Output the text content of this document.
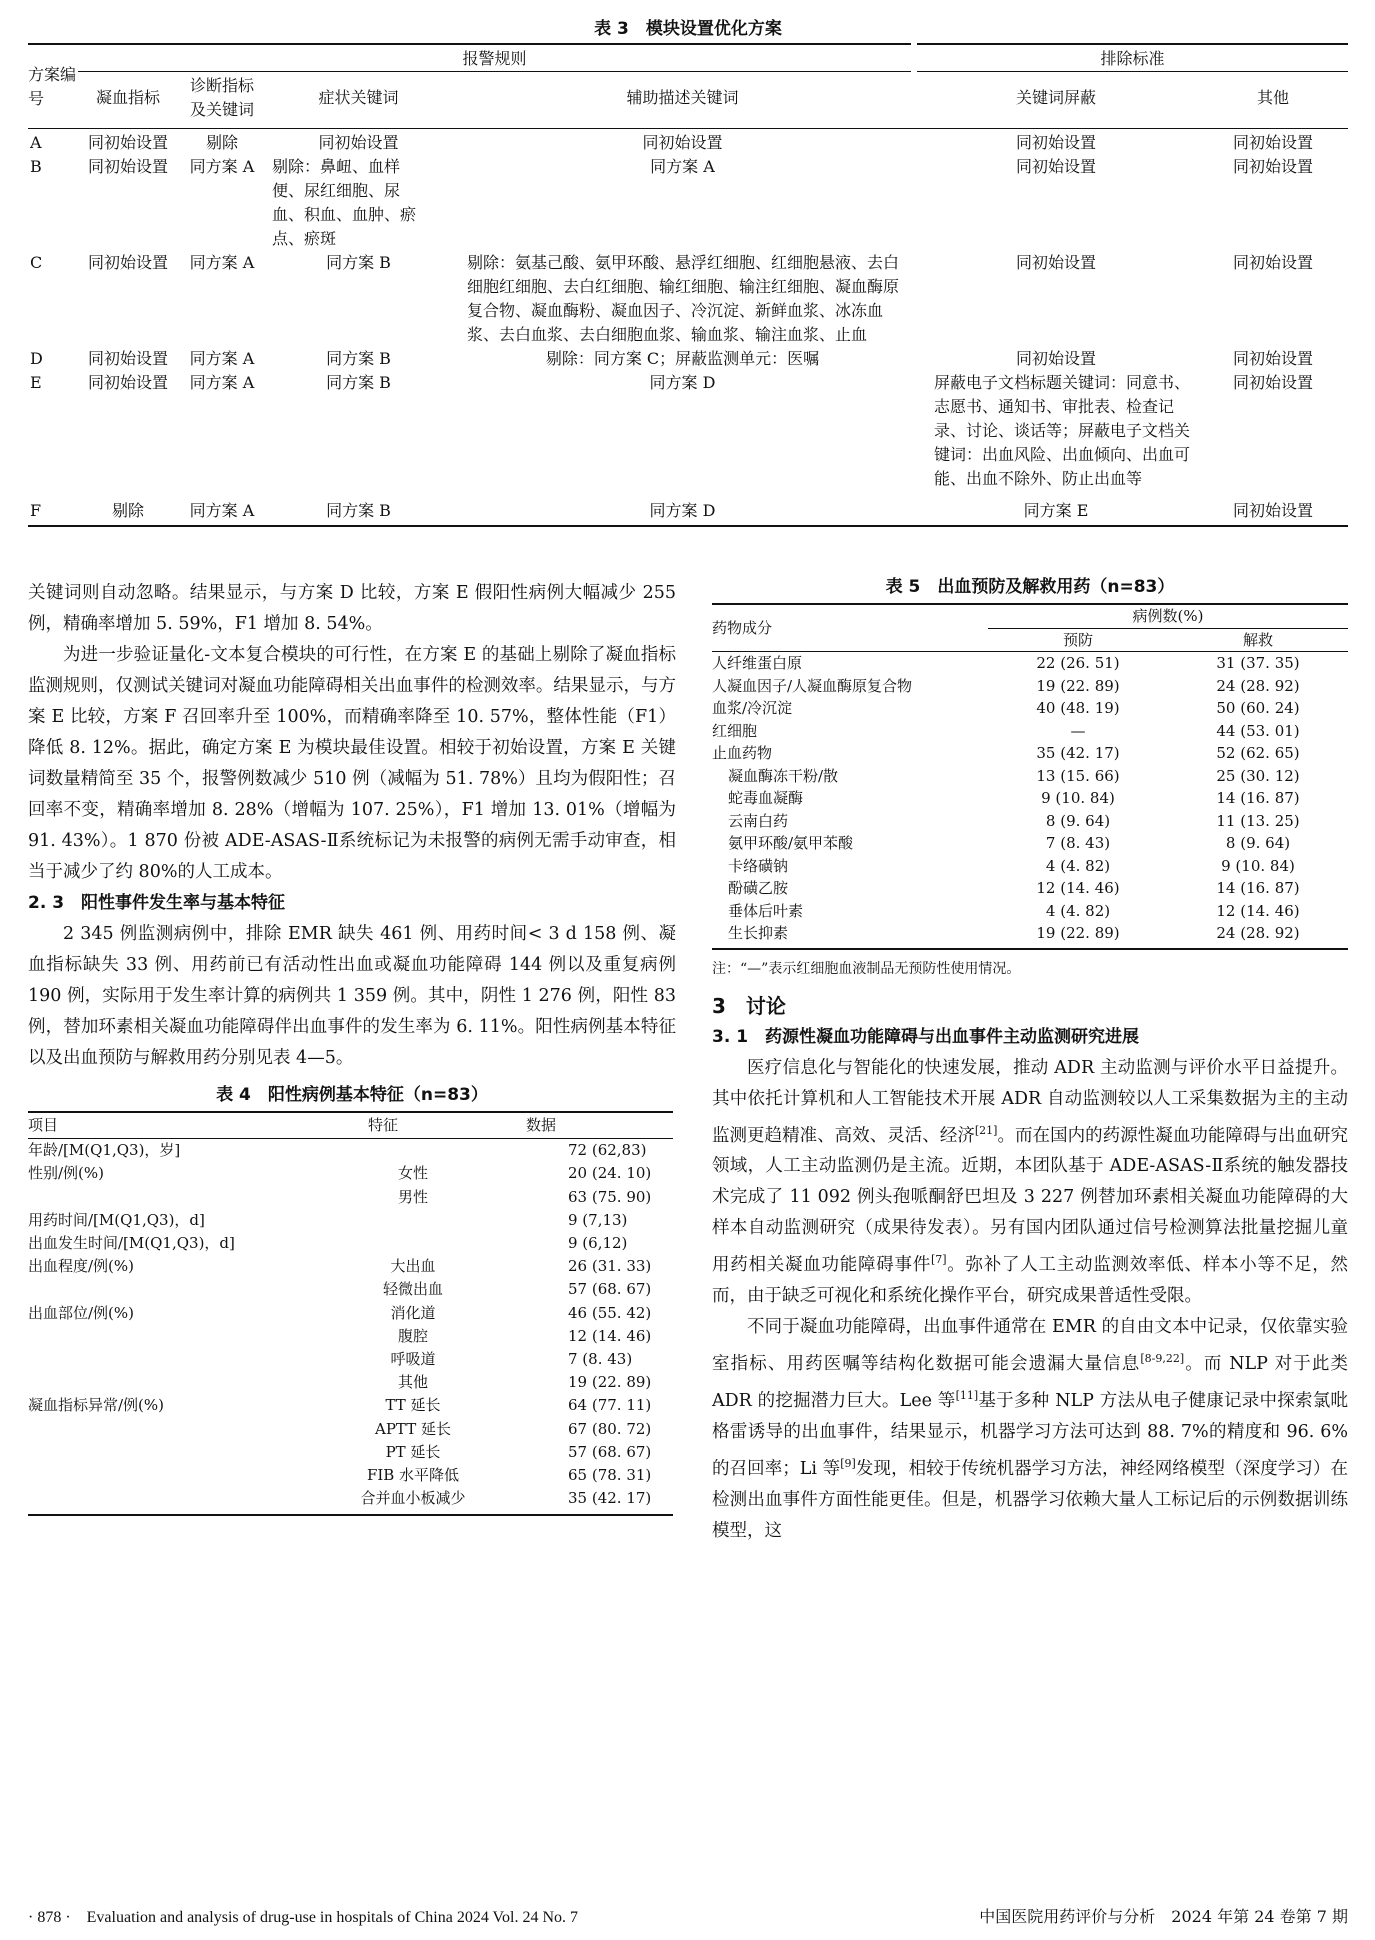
表 3　模块设置优化方案
方案编号	报警规则				排除标准	
	凝血指标	诊断指标及关键词	症状关键词	辅助描述关键词	关键词屏蔽	其他
A	同初始设置	剔除	同初始设置	同初始设置	同初始设置	同初始设置
B	同初始设置	同方案 A	剔除：鼻衄、血样便、尿红细胞、尿血、积血、血肿、瘀点、瘀斑	同方案 A	同初始设置	同初始设置
C	同初始设置	同方案 A	同方案 B	剔除：氨基己酸、氨甲环酸、悬浮红细胞、红细胞悬液、去白细胞红细胞、去白红细胞、输红细胞、输注红细胞、凝血酶原复合物、凝血酶粉、凝血因子、冷沉淀、新鲜血浆、冰冻血浆、去白血浆、去白细胞血浆、输血浆、输注血浆、止血	同初始设置	同初始设置
D	同初始设置	同方案 A	同方案 B	剔除：同方案 C；屏蔽监测单元：医嘱	同初始设置	同初始设置
E	同初始设置	同方案 A	同方案 B	同方案 D	屏蔽电子文档标题关键词：同意书、志愿书、通知书、审批表、检查记录、讨论、谈话等；屏蔽电子文档关键词：出血风险、出血倾向、出血可能、出血不除外、防止出血等	同初始设置
F	剔除	同方案 A	同方案 B	同方案 D	同方案 E	同初始设置

关键词则自动忽略。结果显示，与方案 D 比较，方案 E 假阳性病例大幅减少 255 例，精确率增加 5. 59%，F1 增加 8. 54%。

为进一步验证量化-文本复合模块的可行性，在方案 E 的基础上剔除了凝血指标监测规则，仅测试关键词对凝血功能障碍相关出血事件的检测效率。结果显示，与方案 E 比较，方案 F 召回率升至 100%，而精确率降至 10. 57%，整体性能（F1）降低 8. 12%。据此，确定方案 E 为模块最佳设置。相较于初始设置，方案 E 关键词数量精简至 35 个，报警例数减少 510 例（减幅为 51. 78%）且均为假阳性；召回率不变，精确率增加 8. 28%（增幅为 107. 25%），F1 增加 13. 01%（增幅为 91. 43%）。1 870 份被 ADE-ASAS-Ⅱ系统标记为未报警的病例无需手动审查，相当于减少了约 80%的人工成本。

2. 3　阳性事件发生率与基本特征

2 345 例监测病例中，排除 EMR 缺失 461 例、用药时间< 3 d 158 例、凝血指标缺失 33 例、用药前已有活动性出血或凝血功能障碍 144 例以及重复病例 190 例，实际用于发生率计算的病例共 1 359 例。其中，阴性 1 276 例，阳性 83 例，替加环素相关凝血功能障碍伴出血事件的发生率为 6. 11%。阳性病例基本特征以及出血预防与解救用药分别见表 4—5。

表 4　阳性病例基本特征（n=83）
项目	特征	数据
年龄/[M(Q1,Q3)，岁]		72 (62,83)
性别/例(%)	女性	20 (24. 10)
	男性	63 (75. 90)
用药时间/[M(Q1,Q3)，d]		9 (7,13)
出血发生时间/[M(Q1,Q3)，d]		9 (6,12)
出血程度/例(%)	大出血	26 (31. 33)
	轻微出血	57 (68. 67)
出血部位/例(%)	消化道	46 (55. 42)
	腹腔	12 (14. 46)
	呼吸道	7 (8. 43)
	其他	19 (22. 89)
凝血指标异常/例(%)	TT 延长	64 (77. 11)
	APTT 延长	67 (80. 72)
	PT 延长	57 (68. 67)
	FIB 水平降低	65 (78. 31)
	合并血小板减少	35 (42. 17)
表 5　出血预防及解救用药（n=83）
药物成分	病例数(%)	
	预防	解救
人纤维蛋白原	22 (26. 51)	31 (37. 35)
人凝血因子/人凝血酶原复合物	19 (22. 89)	24 (28. 92)
血浆/冷沉淀	40 (48. 19)	50 (60. 24)
红细胞	—	44 (53. 01)
止血药物	35 (42. 17)	52 (62. 65)
凝血酶冻干粉/散	13 (15. 66)	25 (30. 12)
蛇毒血凝酶	9 (10. 84)	14 (16. 87)
云南白药	8 (9. 64)	11 (13. 25)
氨甲环酸/氨甲苯酸	7 (8. 43)	8 (9. 64)
卡络磺钠	4 (4. 82)	9 (10. 84)
酚磺乙胺	12 (14. 46)	14 (16. 87)
垂体后叶素	4 (4. 82)	12 (14. 46)
生长抑素	19 (22. 89)	24 (28. 92)
注：“—”表示红细胞血液制品无预防性使用情况。

3　讨论

3. 1　药源性凝血功能障碍与出血事件主动监测研究进展

医疗信息化与智能化的快速发展，推动 ADR 主动监测与评价水平日益提升。其中依托计算机和人工智能技术开展 ADR 自动监测较以人工采集数据为主的主动监测更趋精准、高效、灵活、经济[21]。而在国内的药源性凝血功能障碍与出血研究领域，人工主动监测仍是主流。近期，本团队基于 ADE-ASAS-Ⅱ系统的触发器技术完成了 11 092 例头孢哌酮舒巴坦及 3 227 例替加环素相关凝血功能障碍的大样本自动监测研究（成果待发表）。另有国内团队通过信号检测算法批量挖掘儿童用药相关凝血功能障碍事件[7]。弥补了人工主动监测效率低、样本小等不足，然而，由于缺乏可视化和系统化操作平台，研究成果普适性受限。

不同于凝血功能障碍，出血事件通常在 EMR 的自由文本中记录，仅依靠实验室指标、用药医嘱等结构化数据可能会遗漏大量信息[8-9,22]。而 NLP 对于此类 ADR 的挖掘潜力巨大。Lee 等[11]基于多种 NLP 方法从电子健康记录中探索氯吡格雷诱导的出血事件，结果显示，机器学习方法可达到 88. 7%的精度和 96. 6%的召回率；Li 等[9]发现，相较于传统机器学习方法，神经网络模型（深度学习）在检测出血事件方面性能更佳。但是，机器学习依赖大量人工标记后的示例数据训练模型，这

· 878 ·　Evaluation and analysis of drug-use in hospitals of China 2024 Vol. 24 No. 7	中国医院用药评价与分析　2024 年第 24 卷第 7 期
